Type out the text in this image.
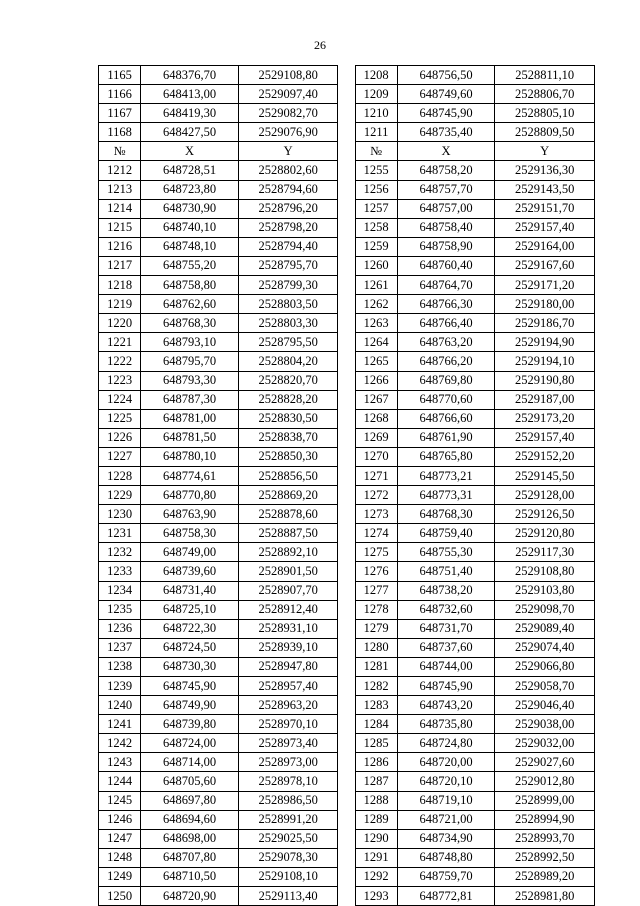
26
1165	648376,70	2529108,80		1208	648756,50	2528811,10
1166	648413,00	2529097,40		1209	648749,60	2528806,70
1167	648419,30	2529082,70		1210	648745,90	2528805,10
1168	648427,50	2529076,90		1211	648735,40	2528809,50
№	X	Y		№	X	Y
1212	648728,51	2528802,60		1255	648758,20	2529136,30
1213	648723,80	2528794,60		1256	648757,70	2529143,50
1214	648730,90	2528796,20		1257	648757,00	2529151,70
1215	648740,10	2528798,20		1258	648758,40	2529157,40
1216	648748,10	2528794,40		1259	648758,90	2529164,00
1217	648755,20	2528795,70		1260	648760,40	2529167,60
1218	648758,80	2528799,30		1261	648764,70	2529171,20
1219	648762,60	2528803,50		1262	648766,30	2529180,00
1220	648768,30	2528803,30		1263	648766,40	2529186,70
1221	648793,10	2528795,50		1264	648763,20	2529194,90
1222	648795,70	2528804,20		1265	648766,20	2529194,10
1223	648793,30	2528820,70		1266	648769,80	2529190,80
1224	648787,30	2528828,20		1267	648770,60	2529187,00
1225	648781,00	2528830,50		1268	648766,60	2529173,20
1226	648781,50	2528838,70		1269	648761,90	2529157,40
1227	648780,10	2528850,30		1270	648765,80	2529152,20
1228	648774,61	2528856,50		1271	648773,21	2529145,50
1229	648770,80	2528869,20		1272	648773,31	2529128,00
1230	648763,90	2528878,60		1273	648768,30	2529126,50
1231	648758,30	2528887,50		1274	648759,40	2529120,80
1232	648749,00	2528892,10		1275	648755,30	2529117,30
1233	648739,60	2528901,50		1276	648751,40	2529108,80
1234	648731,40	2528907,70		1277	648738,20	2529103,80
1235	648725,10	2528912,40		1278	648732,60	2529098,70
1236	648722,30	2528931,10		1279	648731,70	2529089,40
1237	648724,50	2528939,10		1280	648737,60	2529074,40
1238	648730,30	2528947,80		1281	648744,00	2529066,80
1239	648745,90	2528957,40		1282	648745,90	2529058,70
1240	648749,90	2528963,20		1283	648743,20	2529046,40
1241	648739,80	2528970,10		1284	648735,80	2529038,00
1242	648724,00	2528973,40		1285	648724,80	2529032,00
1243	648714,00	2528973,00		1286	648720,00	2529027,60
1244	648705,60	2528978,10		1287	648720,10	2529012,80
1245	648697,80	2528986,50		1288	648719,10	2528999,00
1246	648694,60	2528991,20		1289	648721,00	2528994,90
1247	648698,00	2529025,50		1290	648734,90	2528993,70
1248	648707,80	2529078,30		1291	648748,80	2528992,50
1249	648710,50	2529108,10		1292	648759,70	2528989,20
1250	648720,90	2529113,40		1293	648772,81	2528981,80
